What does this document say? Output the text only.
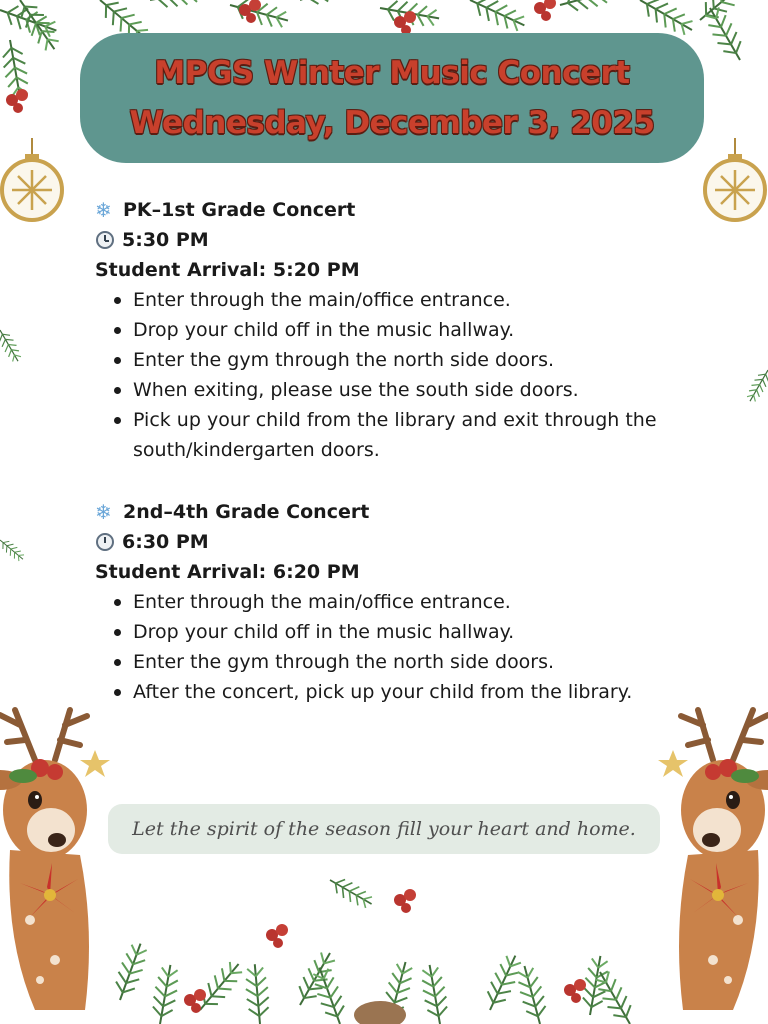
MPGS Winter Music Concert
Wednesday, December 3, 2025
❄ PK–1st Grade Concert
5:30 PM
Student Arrival: 5:20 PM
Enter through the main/office entrance.
Drop your child off in the music hallway.
Enter the gym through the north side doors.
When exiting, please use the south side doors.
Pick up your child from the library and exit through the south/kindergarten doors.
❄ 2nd–4th Grade Concert
6:30 PM
Student Arrival: 6:20 PM
Enter through the main/office entrance.
Drop your child off in the music hallway.
Enter the gym through the north side doors.
After the concert, pick up your child from the library.
Let the spirit of the season fill your heart and home.
